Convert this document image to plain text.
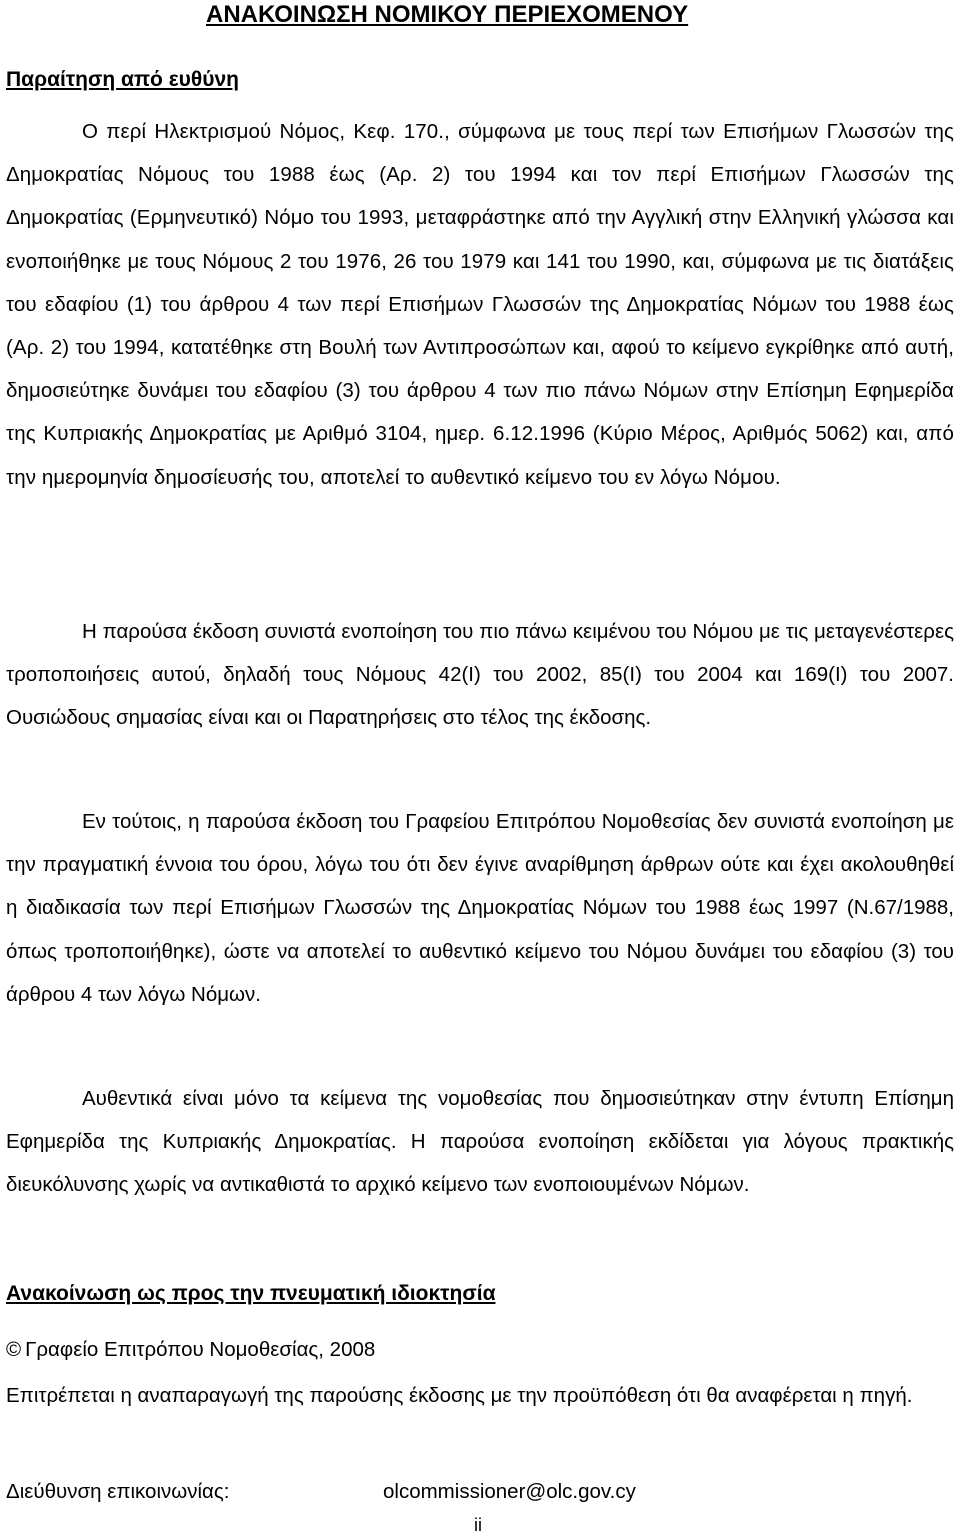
ΑΝΑΚΟΙΝΩΣΗ ΝΟΜΙΚΟΥ ΠΕΡΙΕΧΟΜΕΝΟΥ
Παραίτηση από ευθύνη

Ο περί Ηλεκτρισμού Νόμος, Κεφ. 170., σύμφωνα με τους περί των Επισήμων Γλωσσών της Δημοκρατίας Νόμους του 1988 έως (Αρ. 2) του 1994 και τον περί Επισήμων Γλωσσών της Δημοκρατίας (Ερμηνευτικό) Νόμο του 1993, μεταφράστηκε από την Αγγλική στην Ελληνική γλώσσα και ενοποιήθηκε με τους Νόμους 2 του 1976, 26 του 1979 και 141 του 1990, και, σύμφωνα με τις διατάξεις του εδαφίου (1) του άρθρου 4 των περί Επισήμων Γλωσσών της Δημοκρατίας Νόμων του 1988 έως (Αρ. 2) του 1994, κατατέθηκε στη Βουλή των Αντιπροσώπων και, αφού το κείμενο εγκρίθηκε από αυτή, δημοσιεύτηκε δυνάμει του εδαφίου (3) του άρθρου 4 των πιο πάνω Νόμων στην Επίσημη Εφημερίδα της Κυπριακής Δημοκρατίας με Αριθμό 3104, ημερ. 6.12.1996 (Κύριο Μέρος, Αριθμός 5062) και, από την ημερομηνία δημοσίευσής του, αποτελεί το αυθεντικό κείμενο του εν λόγω Νόμου.

Η παρούσα έκδοση συνιστά ενοποίηση του πιο πάνω κειμένου του Νόμου με τις μεταγενέστερες τροποποιήσεις αυτού, δηλαδή τους Νόμους 42(Ι) του 2002, 85(Ι) του 2004 και 169(Ι) του 2007. Ουσιώδους σημασίας είναι και οι Παρατηρήσεις στο τέλος της έκδοσης.

Εν τούτοις, η παρούσα έκδοση του Γραφείου Επιτρόπου Νομοθεσίας δεν συνιστά ενοποίηση με την πραγματική έννοια του όρου, λόγω του ότι δεν έγινε αναρίθμηση άρθρων ούτε και έχει ακολουθηθεί η διαδικασία των περί Επισήμων Γλωσσών της Δημοκρατίας Νόμων του 1988 έως 1997 (Ν.67/1988, όπως τροποποιήθηκε), ώστε να αποτελεί το αυθεντικό κείμενο του Νόμου δυνάμει του εδαφίου (3) του άρθρου 4 των λόγω Νόμων.

Αυθεντικά είναι μόνο τα κείμενα της νομοθεσίας που δημοσιεύτηκαν στην έντυπη Επίσημη Εφημερίδα της Κυπριακής Δημοκρατίας. Η παρούσα ενοποίηση εκδίδεται για λόγους πρακτικής διευκόλυνσης χωρίς να αντικαθιστά το αρχικό κείμενο των ενοποιουμένων Νόμων.

Ανακοίνωση ως προς την πνευματική ιδιοκτησία
© Γραφείο Επιτρόπου Νομοθεσίας, 2008

Επιτρέπεται η αναπαραγωγή της παρούσης έκδοσης με την προϋπόθεση ότι θα αναφέρεται η πηγή.

Διεύθυνση επικοινωνίας:	olcommissioner@olc.gov.cy
ii
